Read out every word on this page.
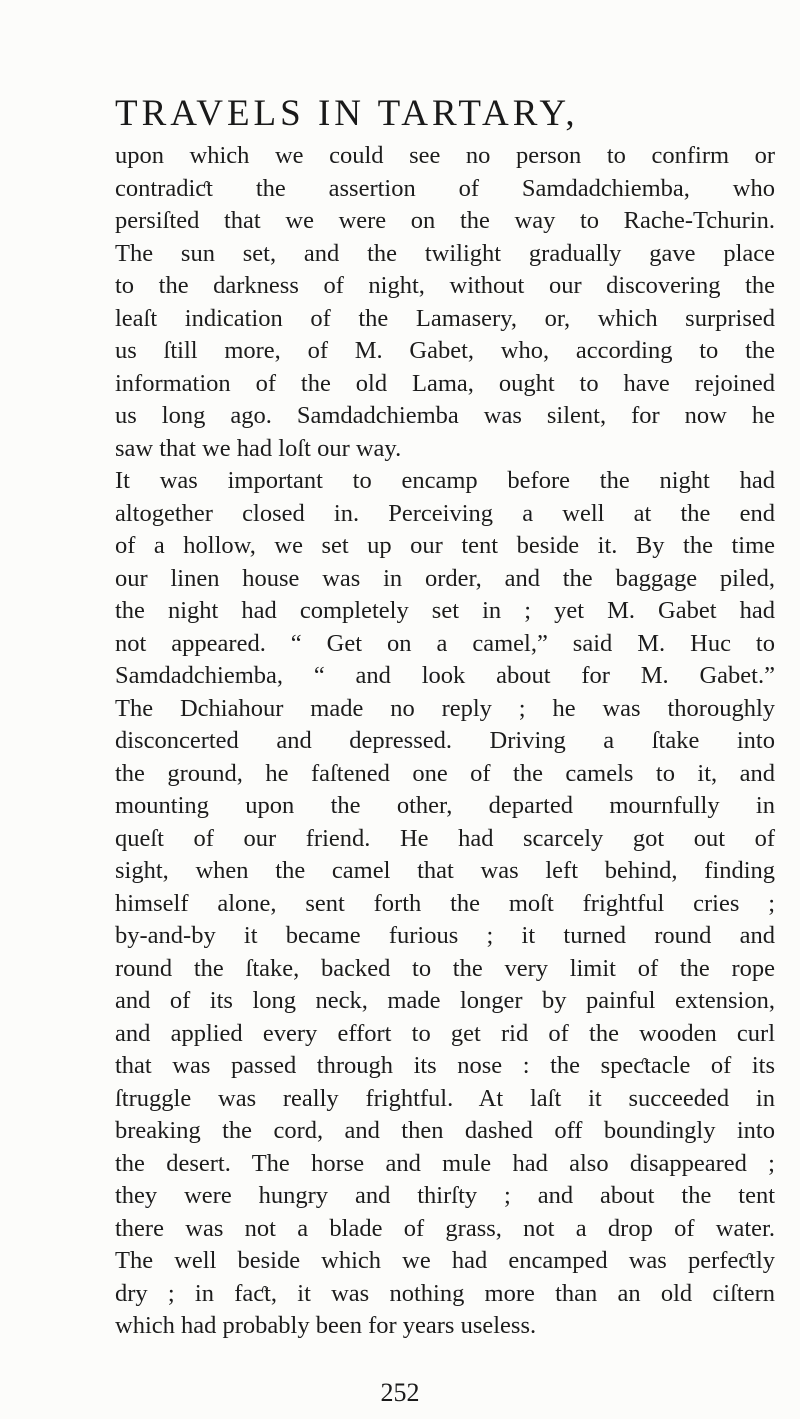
TRAVELS IN TARTARY,
upon which we could see no person to confirm or
contradiƈt the assertion of Samdadchiemba, who
persiſted that we were on the way to Rache-Tchurin.
The sun set, and the twilight gradually gave place
to the darkness of night, without our discovering the
leaſt indication of the Lamasery, or, which surprised
us ſtill more, of M. Gabet, who, according to the
information of the old Lama, ought to have rejoined
us long ago. Samdadchiemba was silent, for now he
saw that we had loſt our way.
It was important to encamp before the night had
altogether closed in. Perceiving a well at the end
of a hollow, we set up our tent beside it. By the time
our linen house was in order, and the baggage piled,
the night had completely set in ; yet M. Gabet had
not appeared. “ Get on a camel,” said M. Huc to
Samdadchiemba, “ and look about for M. Gabet.”
The Dchiahour made no reply ; he was thoroughly
disconcerted and depressed. Driving a ſtake into
the ground, he faſtened one of the camels to it, and
mounting upon the other, departed mournfully in
queſt of our friend. He had scarcely got out of
sight, when the camel that was left behind, finding
himself alone, sent forth the moſt frightful cries ;
by-and-by it became furious ; it turned round and
round the ſtake, backed to the very limit of the rope
and of its long neck, made longer by painful extension,
and applied every effort to get rid of the wooden curl
that was passed through its nose : the speƈtacle of its
ſtruggle was really frightful. At laſt it succeeded in
breaking the cord, and then dashed off boundingly into
the desert. The horse and mule had also disappeared ;
they were hungry and thirſty ; and about the tent
there was not a blade of grass, not a drop of water.
The well beside which we had encamped was perfeƈtly
dry ; in faƈt, it was nothing more than an old ciſtern
which had probably been for years useless.
252
